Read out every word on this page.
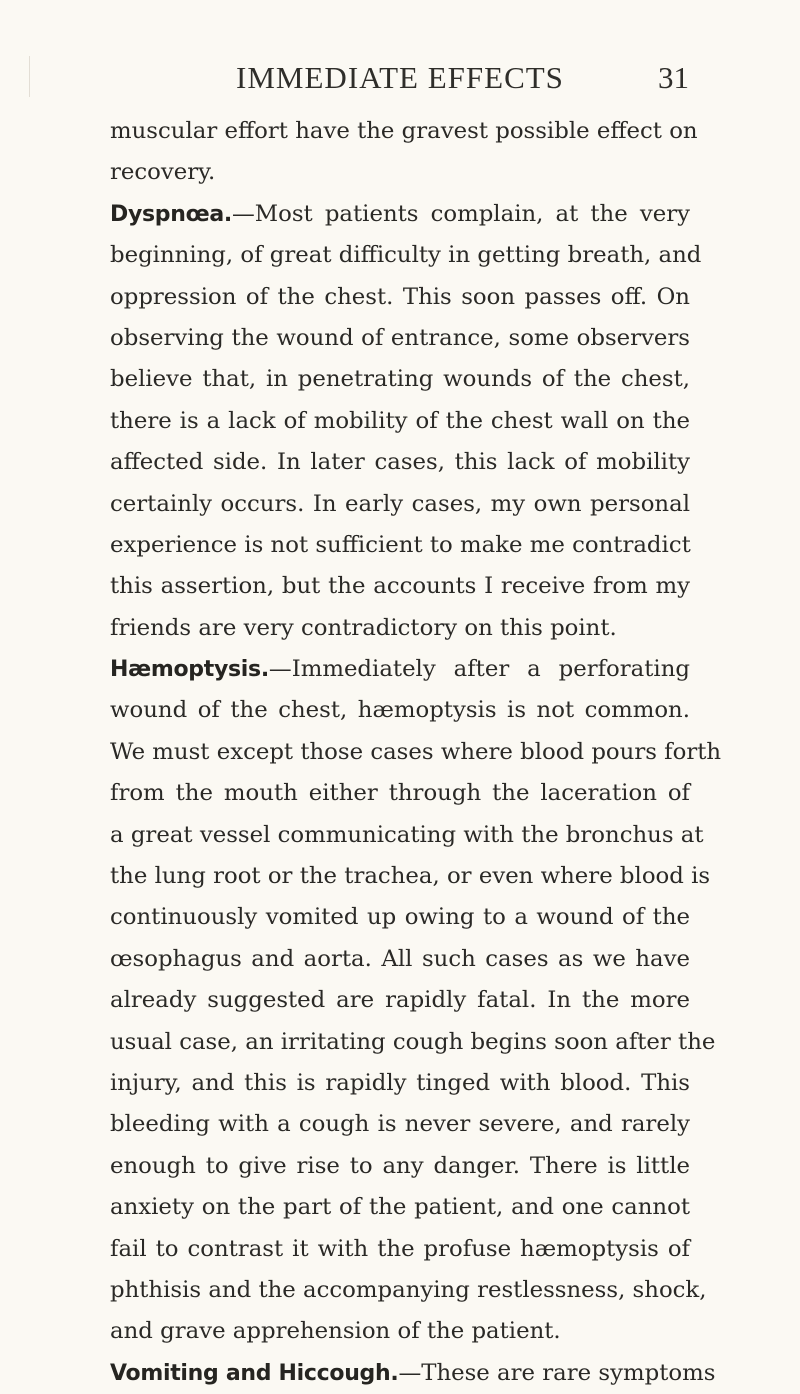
IMMEDIATE EFFECTS	31
muscular effort have the gravest possible effect on
recovery.
Dyspnœa.—Most patients complain, at the very
beginning, of great difficulty in getting breath, and
oppression of the chest. This soon passes off. On
observing the wound of entrance, some observers
believe that, in penetrating wounds of the chest,
there is a lack of mobility of the chest wall on the
affected side. In later cases, this lack of mobility
certainly occurs. In early cases, my own personal
experience is not sufficient to make me contradict
this assertion, but the accounts I receive from my
friends are very contradictory on this point.
Hæmoptysis.—Immediately after a perforating
wound of the chest, hæmoptysis is not common.
We must except those cases where blood pours forth
from the mouth either through the laceration of
a great vessel communicating with the bronchus at
the lung root or the trachea, or even where blood is
continuously vomited up owing to a wound of the
œsophagus and aorta. All such cases as we have
already suggested are rapidly fatal. In the more
usual case, an irritating cough begins soon after the
injury, and this is rapidly tinged with blood. This
bleeding with a cough is never severe, and rarely
enough to give rise to any danger. There is little
anxiety on the part of the patient, and one cannot
fail to contrast it with the profuse hæmoptysis of
phthisis and the accompanying restlessness, shock,
and grave apprehension of the patient.
Vomiting and Hiccough.—These are rare symptoms
